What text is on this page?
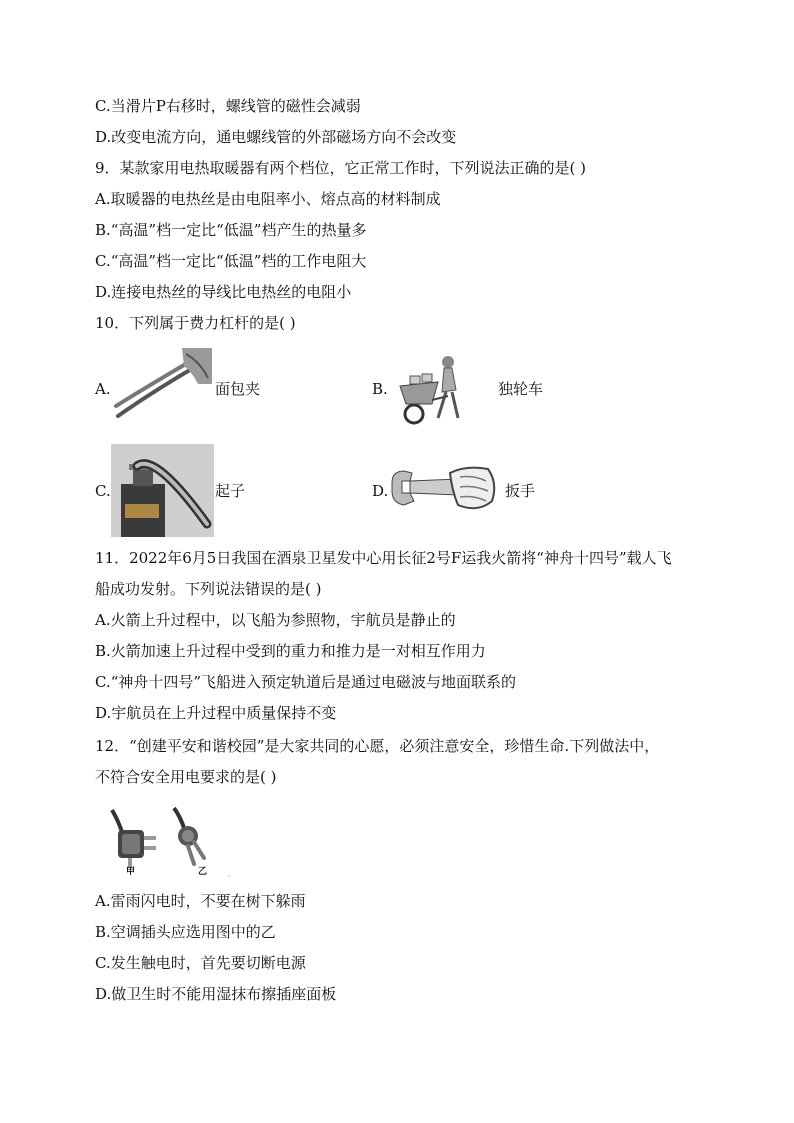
C.当滑片P右移时，螺线管的磁性会减弱
D.改变电流方向，通电螺线管的外部磁场方向不会改变
9．某款家用电热取暖器有两个档位，它正常工作时，下列说法正确的是( )
A.取暖器的电热丝是由电阻率小、熔点高的材料制成
B.“高温”档一定比“低温”档产生的热量多
C.“高温”档一定比“低温”档的工作电阻大
D.连接电热丝的导线比电热丝的电阻小
10．下列属于费力杠杆的是( )
A.	面包夹	B.	独轮车
C.	起子	D.	扳手
11．2022年6月5日我国在酒泉卫星发中心用长征2号F运我火箭将“神舟十四号”载人飞
船成功发射。下列说法错误的是( )
A.火箭上升过程中，以飞船为参照物，宇航员是静止的
B.火箭加速上升过程中受到的重力和推力是一对相互作用力
C.“神舟十四号”飞船进入预定轨道后是通过电磁波与地面联系的
D.宇航员在上升过程中质量保持不变
12．“创建平安和谐校园”是大家共同的心愿，必须注意安全，珍惜生命.下列做法中，
不符合安全用电要求的是( )
.
甲	乙
A.雷雨闪电时，不要在树下躲雨
B.空调插头应选用图中的乙
C.发生触电时，首先要切断电源
D.做卫生时不能用湿抹布擦插座面板
